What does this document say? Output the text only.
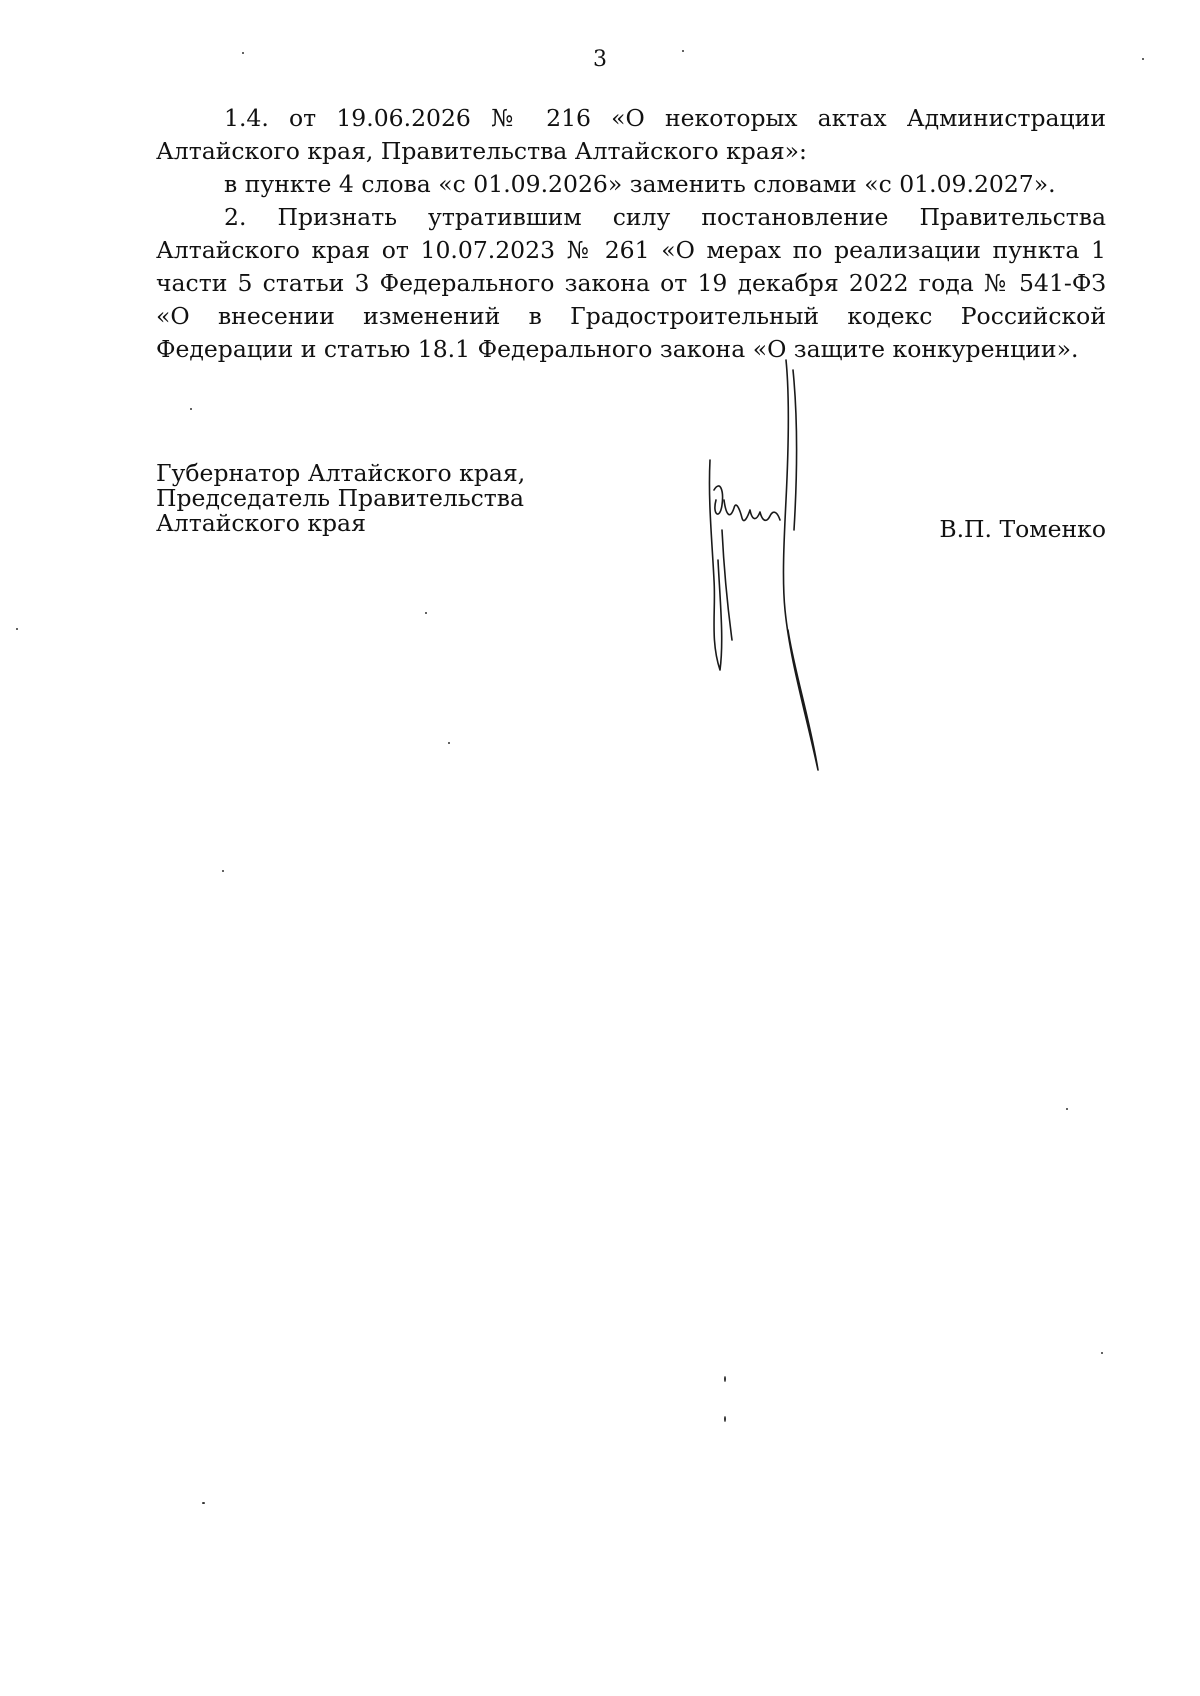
3

1.4. от 19.06.2026 № 216 «О некоторых актах Администрации Алтайского края, Правительства Алтайского края»:

в пункте 4 слова «с 01.09.2026» заменить словами «с 01.09.2027».

2. Признать утратившим силу постановление Правительства Алтайского края от 10.07.2023 № 261 «О мерах по реализации пункта 1 части 5 статьи 3 Федерального закона от 19 декабря 2022 года № 541-ФЗ «О внесении изменений в Градостроительный кодекс Российской Федерации и статью 18.1 Федерального закона «О защите конкуренции».

Губернатор Алтайского края,
Председатель Правительства
Алтайского края	В.П. Томенко
